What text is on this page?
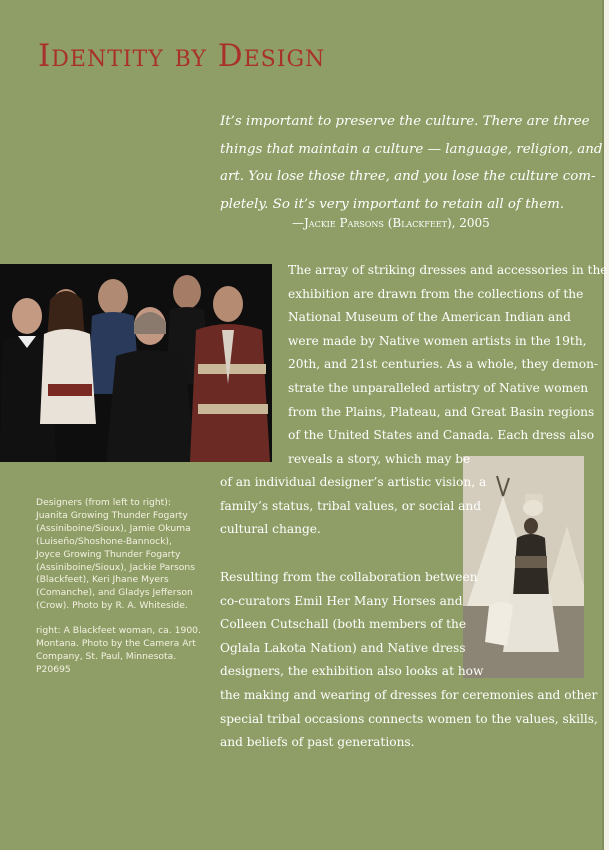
Identity by Design

It’s important to preserve the culture. There are three
things that maintain a culture — language, religion, and
art. You lose those three, and you lose the culture com-
pletely. So it’s very important to retain all of them.

—Jackie Parsons (Blackfeet), 2005

The array of striking dresses and accessories in the
exhibition are drawn from the collections of the
National Museum of the American Indian and
were made by Native women artists in the 19th,
20th, and 21st centuries. As a whole, they demon-
strate the unparalleled artistry of Native women
from the Plains, Plateau, and Great Basin regions
of the United States and Canada. Each dress also
reveals a story, which may be

of an individual designer’s artistic vision, a
family’s status, tribal values, or social and
cultural change.

Resulting from the collaboration between
co-curators Emil Her Many Horses and
Colleen Cutschall (both members of the
Oglala Lakota Nation) and Native dress
designers, the exhibition also looks at how

the making and wearing of dresses for ceremonies and other
special tribal occasions connects women to the values, skills,
and beliefs of past generations.

Designers (from left to right):
Juanita Growing Thunder Fogarty
(Assiniboine/Sioux), Jamie Okuma
(Luiseño/Shoshone-Bannock),
Joyce Growing Thunder Fogarty
(Assiniboine/Sioux), Jackie Parsons
(Blackfeet), Keri Jhane Myers
(Comanche), and Gladys Jefferson
(Crow). Photo by R. A. Whiteside.

right: A Blackfeet woman, ca. 1900.
Montana. Photo by the Camera Art
Company, St. Paul, Minnesota.
P20695
